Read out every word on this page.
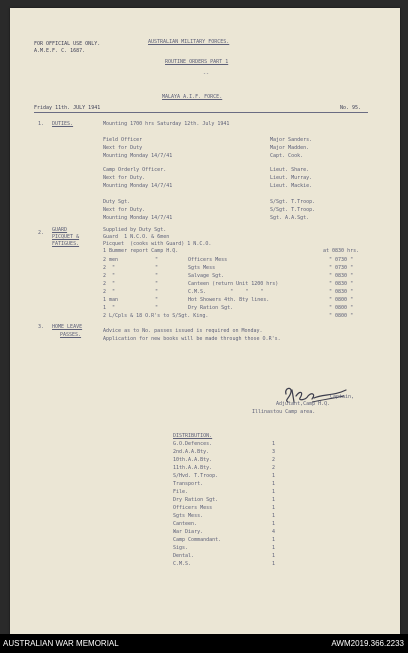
FOR OFFICIAL USE ONLY.
A.M.E.F. C. 1687.
AUSTRALIAN MILITARY FORCES.
ROUTINE ORDERS PART 1
--
MALAYA A.I.F. FORCE.
Friday 11th. JULY 1941	No. 95.
1. DUTIES.	Mounting 1700 hrs Saturday 12th. July 1941
Field Officer	Major Sanders.
Next for Duty	Major Madden.
Mounting Monday 14/7/41	Capt. Cook.
Camp Orderly Officer.	Lieut. Share.
Next for Duty.	Lieut. Murray.
Mounting Monday 14/7/41	Lieut. Mackie.
Duty Sgt.	S/Sgt. T.Troop.
Next for Duty.	S/Sgt. T.Troop.
Mounting Monday 14/7/41	Sgt. A.A.Sgt.
2. GUARD
PICQUET &
FATIGUES.
Supplied by Duty Sgt.
Guard  1 N.C.O. & 6men
Picquet  (cooks with Guard) 1 N.C.O.
1 Bummer report Camp H.Q.	at 0830 hrs.
2 men	"	Officers Mess	" 0730 "
2  "	"	Sgts Mess	" 0730 "
2  "	"	Salvage Sgt.	" 0830 "
2  "	"	Canteen (return Unit 1200 hrs)	" 0830 "
2  "	"	C.M.S.        "    "    "	" 0830 "
1 man	"	Hot Showers 4th. Bty lines.	" 0800 "
1  "	"	Dry Ration Sgt.	" 0800 "
2 L/Cpls & 18 O.R's to S/Sgt. King.	" 0800 "
3. HOME LEAVE
PASSES.
Advice as to No. passes issued is required on Monday.
Application for new books will be made through those O.R's.
Captain,
Adjutant,Camp H.Q.
Illinastou Camp area.
DISTRIBUTION.
G.O.Defences.	1
2nd.A.A.Bty.	3
10th.A.A.Bty.	2
11th.A.A.Bty.	2
S/Hvd. T.Troop.	1
Transport.	1
File.	1
Dry Ration Sgt.	1
Officers Mess	1
Sgts Mess.	1
Canteen.	1
War Diary.	4
Camp Commandant.	1
Sigs.	1
Dental.	1
C.M.S.	1
AUSTRALIAN WAR MEMORIAL	AWM2019.366.2233
